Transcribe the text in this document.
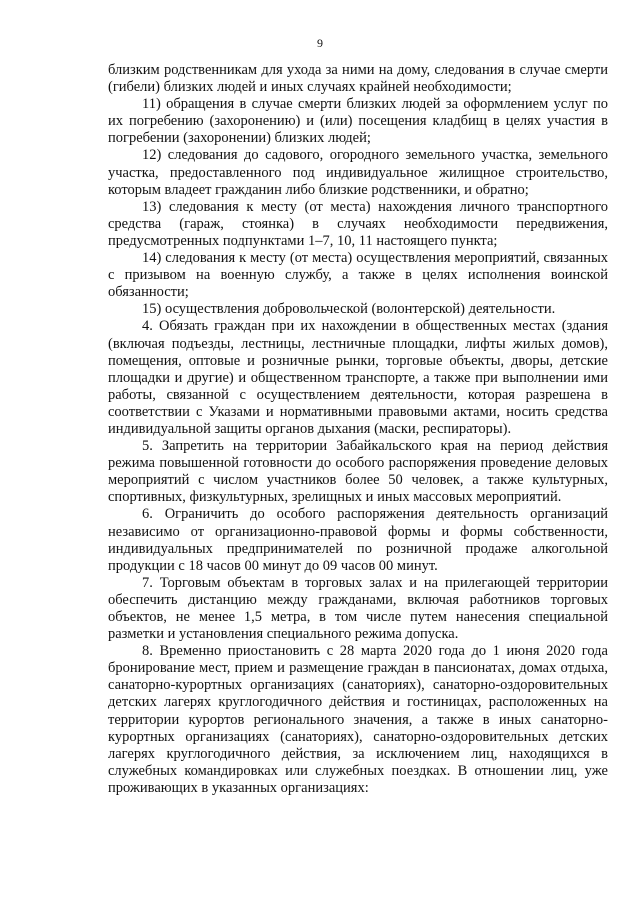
9

близким родственникам для ухода за ними на дому, следования в случае смерти (гибели) близких людей и иных случаях крайней необходимости;

11) обращения в случае смерти близких людей за оформлением услуг по их погребению (захоронению) и (или) посещения кладбищ в целях участия в погребении (захоронении) близких людей;

12) следования до садового, огородного земельного участка, земельного участка, предоставленного под индивидуальное жилищное строительство, которым владеет гражданин либо близкие родственники, и обратно;

13) следования к месту (от места) нахождения личного транспортного средства (гараж, стоянка) в случаях необходимости передвижения, предусмотренных подпунктами 1–7, 10, 11 настоящего пункта;

14) следования к месту (от места) осуществления мероприятий, связанных с призывом на военную службу, а также в целях исполнения воинской обязанности;

15) осуществления добровольческой (волонтерской) деятельности.

4. Обязать граждан при их нахождении в общественных местах (здания (включая подъезды, лестницы, лестничные площадки, лифты жилых домов), помещения, оптовые и розничные рынки, торговые объекты, дворы, детские площадки и другие) и общественном транспорте, а также при выполнении ими работы, связанной с осуществлением деятельности, которая разрешена в соответствии с Указами и нормативными правовыми актами, носить средства индивидуальной защиты органов дыхания (маски, респираторы).

5. Запретить на территории Забайкальского края на период действия режима повышенной готовности до особого распоряжения проведение деловых мероприятий с числом участников более 50 человек, а также культурных, спортивных, физкультурных, зрелищных и иных массовых мероприятий.

6. Ограничить до особого распоряжения деятельность организаций независимо от организационно-правовой формы и формы собственности, индивидуальных предпринимателей по розничной продаже алкогольной продукции с 18 часов 00 минут до 09 часов 00 минут.

7. Торговым объектам в торговых залах и на прилегающей территории обеспечить дистанцию между гражданами, включая работников торговых объектов, не менее 1,5 метра, в том числе путем нанесения специальной разметки и установления специального режима допуска.

8. Временно приостановить с 28 марта 2020 года до 1 июня 2020 года бронирование мест, прием и размещение граждан в пансионатах, домах отдыха, санаторно-курортных организациях (санаториях), санаторно-оздоровительных детских лагерях круглогодичного действия и гостиницах, расположенных на территории курортов регионального значения, а также в иных санаторно-курортных организациях (санаториях), санаторно-оздоровительных детских лагерях круглогодичного действия, за исключением лиц, находящихся в служебных командировках или служебных поездках. В отношении лиц, уже проживающих в указанных организациях:
